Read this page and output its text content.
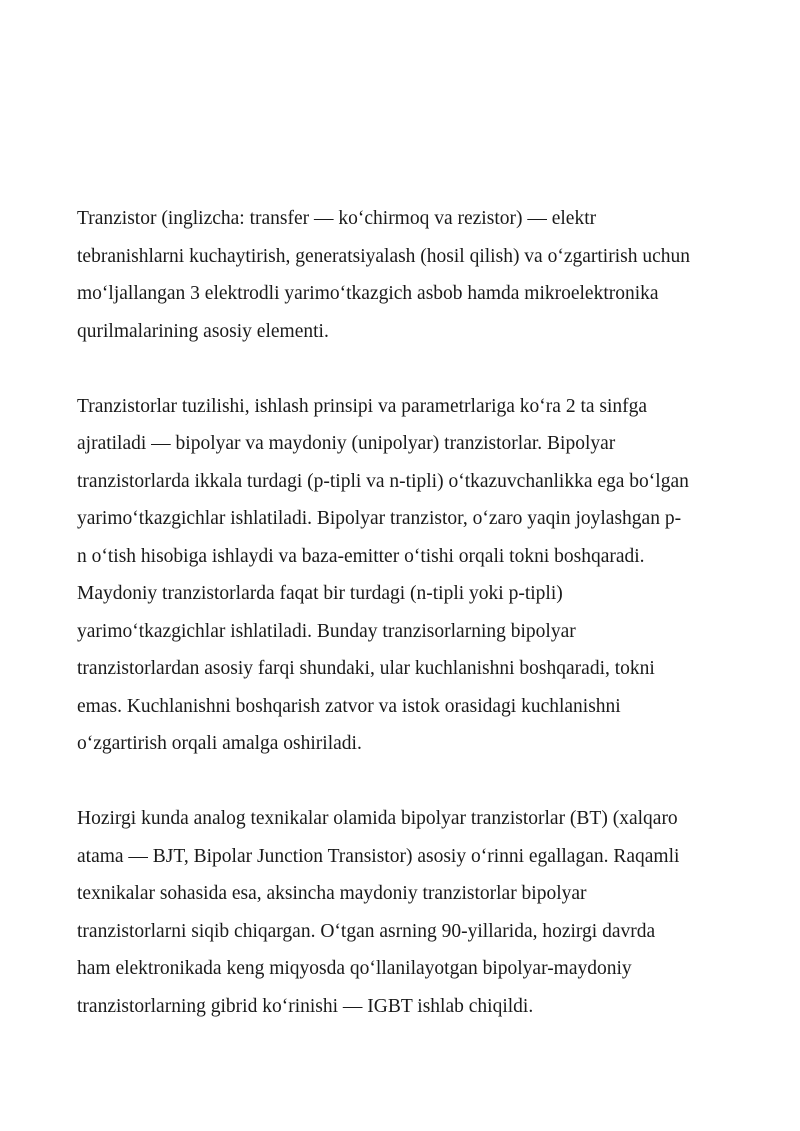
Tranzistor (inglizcha: transfer — ko‘chirmoq va rezistor) — elektr
tebranishlarni kuchaytirish, generatsiyalash (hosil qilish) va o‘zgartirish uchun
mo‘ljallangan 3 elektrodli yarimo‘tkazgich asbob hamda mikroelektronika
qurilmalarining asosiy elementi.
Tranzistorlar tuzilishi, ishlash prinsipi va parametrlariga ko‘ra 2 ta sinfga
ajratiladi — bipolyar va maydoniy (unipolyar) tranzistorlar. Bipolyar
tranzistorlarda ikkala turdagi (p-tipli va n-tipli) o‘tkazuvchanlikka ega bo‘lgan
yarimo‘tkazgichlar ishlatiladi. Bipolyar tranzistor, o‘zaro yaqin joylashgan p-
n o‘tish hisobiga ishlaydi va baza-emitter o‘tishi orqali tokni boshqaradi.
Maydoniy tranzistorlarda faqat bir turdagi (n-tipli yoki p-tipli)
yarimo‘tkazgichlar ishlatiladi. Bunday tranzisorlarning bipolyar
tranzistorlardan asosiy farqi shundaki, ular kuchlanishni boshqaradi, tokni
emas. Kuchlanishni boshqarish zatvor va istok orasidagi kuchlanishni
o‘zgartirish orqali amalga oshiriladi.
Hozirgi kunda analog texnikalar olamida bipolyar tranzistorlar (BT) (xalqaro
atama — BJT, Bipolar Junction Transistor) asosiy o‘rinni egallagan. Raqamli
texnikalar sohasida esa, aksincha maydoniy tranzistorlar bipolyar
tranzistorlarni siqib chiqargan. O‘tgan asrning 90-yillarida, hozirgi davrda
ham elektronikada keng miqyosda qo‘llanilayotgan bipolyar-maydoniy
tranzistorlarning gibrid ko‘rinishi — IGBT ishlab chiqildi.
